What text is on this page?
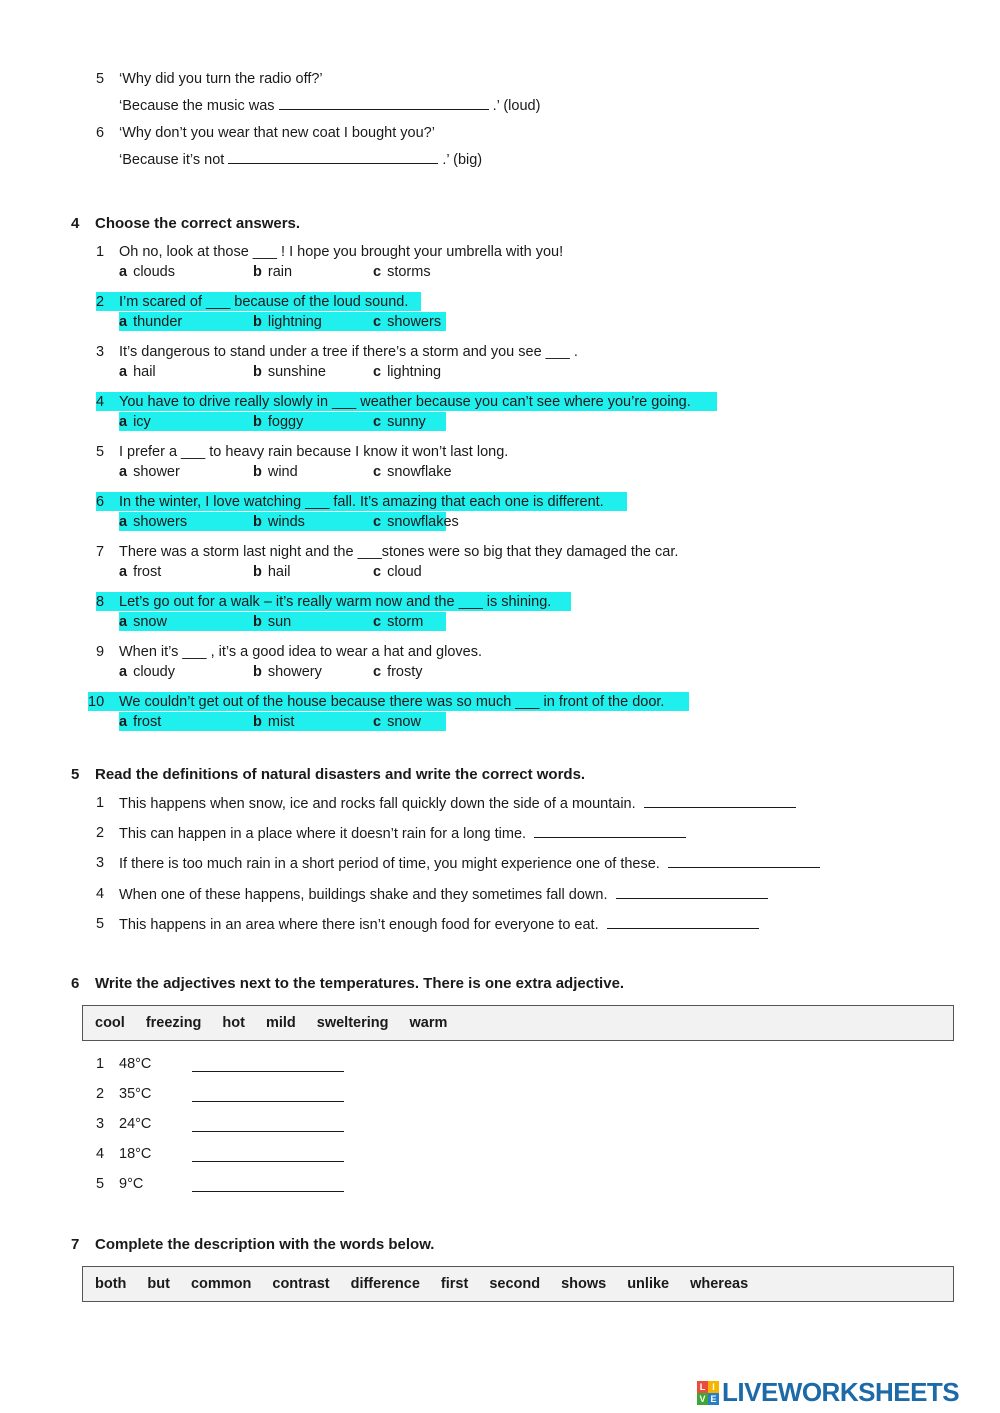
5 ‘Why did you turn the radio off?’
‘Because the music was	.’ (loud)
6 ‘Why don’t you wear that new coat I bought you?’
‘Because it’s not	.’ (big)
4 Choose the correct answers.
1 Oh no, look at those ___ ! I hope you brought your umbrella with you!
a clouds	b rain	c storms
2 I’m scared of ___ because of the loud sound.
a thunder	b lightning	c showers
3 It’s dangerous to stand under a tree if there’s a storm and you see ___ .
a hail	b sunshine	c lightning
4 You have to drive really slowly in ___ weather because you can’t see where you’re going.
a icy	b foggy	c sunny
5 I prefer a ___ to heavy rain because I know it won’t last long.
a shower	b wind	c snowflake
6 In the winter, I love watching ___ fall. It’s amazing that each one is different.
a showers	b winds	c snowflakes
7 There was a storm last night and the ___stones were so big that they damaged the car.
a frost	b hail	c cloud
8 Let’s go out for a walk – it’s really warm now and the ___ is shining.
a snow	b sun	c storm
9 When it’s ___ , it’s a good idea to wear a hat and gloves.
a cloudy	b showery	c frosty
10 We couldn’t get out of the house because there was so much ___ in front of the door.
a frost	b mist	c snow
5 Read the definitions of natural disasters and write the correct words.
1 This happens when snow, ice and rocks fall quickly down the side of a mountain.
2 This can happen in a place where it doesn’t rain for a long time.
3 If there is too much rain in a short period of time, you might experience one of these.
4 When one of these happens, buildings shake and they sometimes fall down.
5 This happens in an area where there isn’t enough food for everyone to eat.
6 Write the adjectives next to the temperatures. There is one extra adjective.
cool freezing hot mild sweltering warm
1 48°C
2 35°C
3 24°C
4 18°C
5 9°C
7 Complete the description with the words below.
both but common contrast difference first second shows unlike whereas
L I
V E LIVEWORKSHEETS
